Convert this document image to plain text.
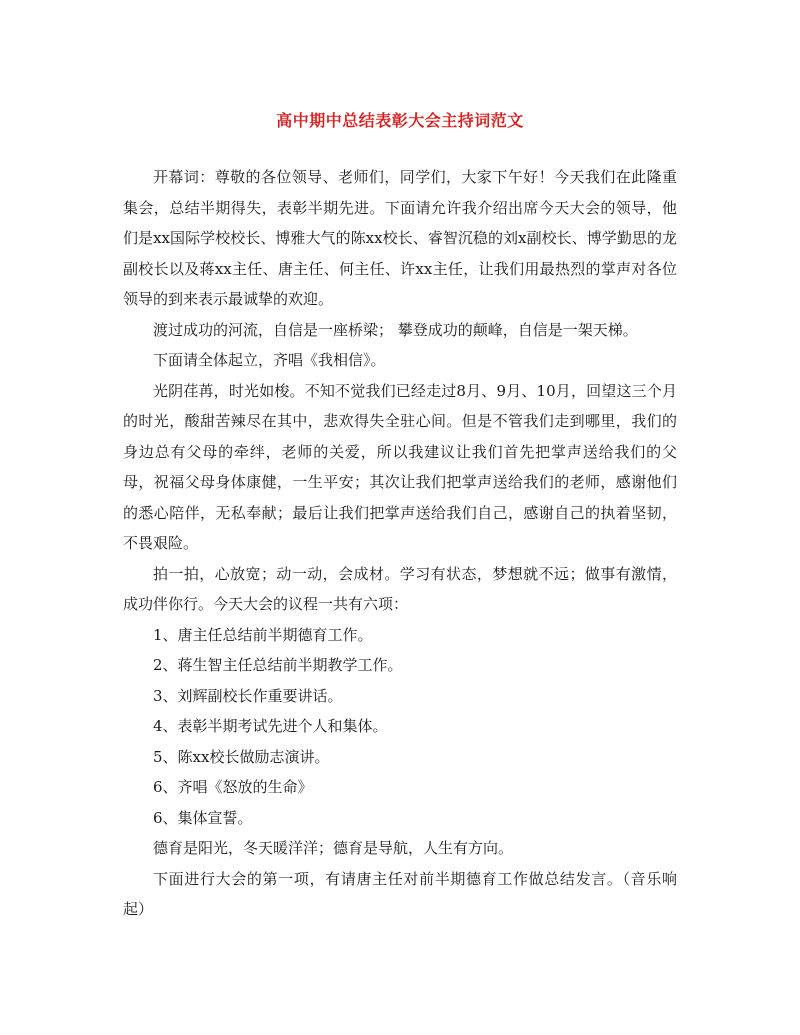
高中期中总结表彰大会主持词范文

开幕词：尊敬的各位领导、老师们，同学们，大家下午好！今天我们在此隆重集会，总结半期得失，表彰半期先进。下面请允许我介绍出席今天大会的领导，他们是xx国际学校校长、博雅大气的陈xx校长、睿智沉稳的刘x副校长、博学勤思的龙副校长以及蒋xx主任、唐主任、何主任、许xx主任，让我们用最热烈的掌声对各位领导的到来表示最诚挚的欢迎。

渡过成功的河流，自信是一座桥梁； 攀登成功的颠峰，自信是一架天梯。

下面请全体起立，齐唱《我相信》。

光阴荏苒，时光如梭。不知不觉我们已经走过8月、9月、10月，回望这三个月的时光，酸甜苦辣尽在其中，悲欢得失全驻心间。但是不管我们走到哪里，我们的身边总有父母的牵绊，老师的关爱，所以我建议让我们首先把掌声送给我们的父母，祝福父母身体康健，一生平安；其次让我们把掌声送给我们的老师，感谢他们的悉心陪伴，无私奉献；最后让我们把掌声送给我们自己，感谢自己的执着坚韧，不畏艰险。

拍一拍，心放宽；动一动，会成材。学习有状态，梦想就不远；做事有激情，成功伴你行。今天大会的议程一共有六项：

1、唐主任总结前半期德育工作。

2、蒋生智主任总结前半期教学工作。

3、刘辉副校长作重要讲话。

4、表彰半期考试先进个人和集体。

5、陈xx校长做励志演讲。

6、齐唱《怒放的生命》

6、集体宣誓。

德育是阳光，冬天暖洋洋；德育是导航，人生有方向。

下面进行大会的第一项，有请唐主任对前半期德育工作做总结发言。（音乐响起）
